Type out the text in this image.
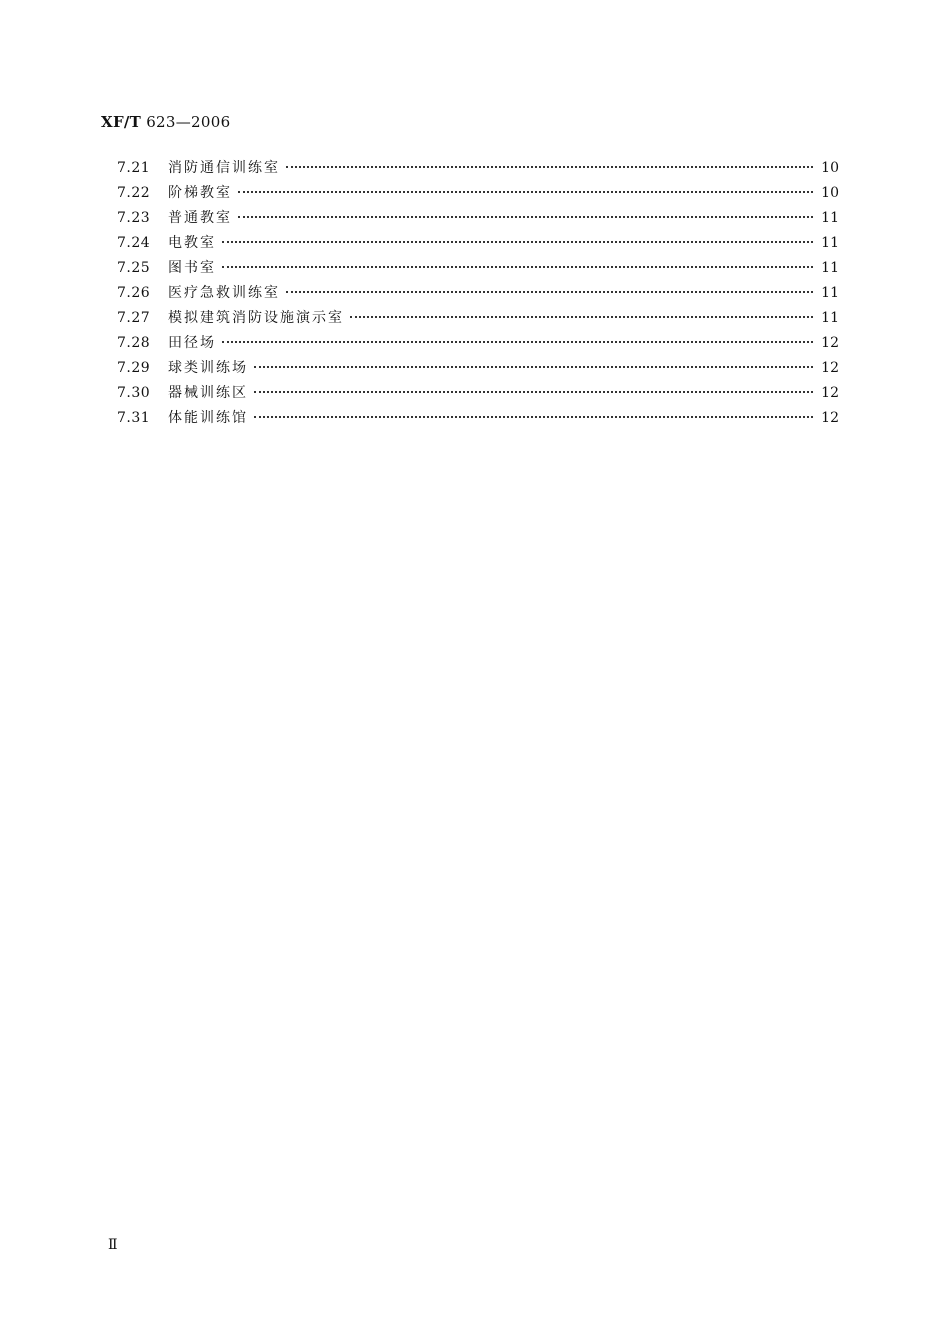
XF/T 623—2006
7.21	消防通信训练室	10
7.22	阶梯教室	10
7.23	普通教室	11
7.24	电教室	11
7.25	图书室	11
7.26	医疗急救训练室	11
7.27	模拟建筑消防设施演示室	11
7.28	田径场	12
7.29	球类训练场	12
7.30	器械训练区	12
7.31	体能训练馆	12
Ⅱ
